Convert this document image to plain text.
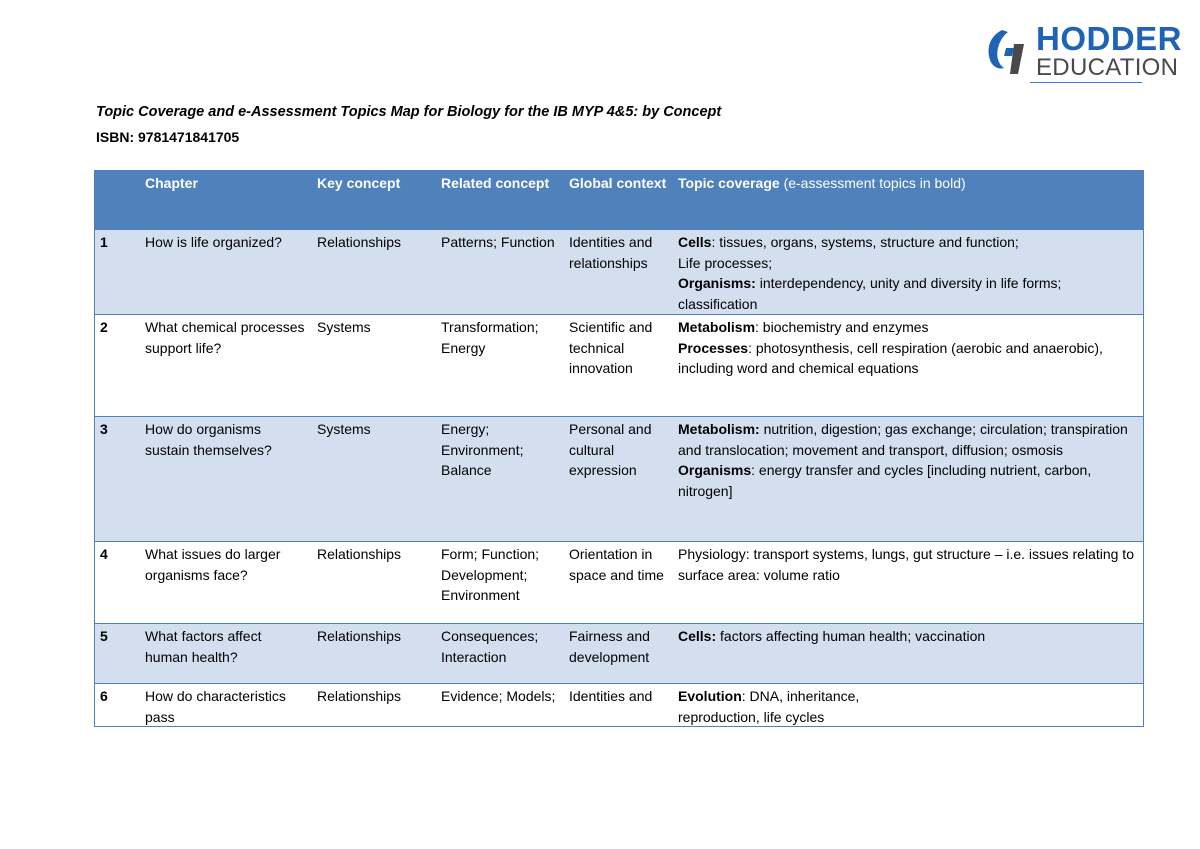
HODDER
EDUCATION
Topic Coverage and e-Assessment Topics Map for Biology for the IB MYP 4&5: by Concept
ISBN: 9781471841705
	Chapter	Key concept	Related concept	Global context	Topic coverage (e-assessment topics in bold)
1	How is life organized?	Relationships	Patterns; Function	Identities and relationships	Cells: tissues, organs, systems, structure and function;

Life processes;

Organisms: interdependency, unity and diversity in life forms; classification

2	What chemical processes support life?	Systems	Transformation; Energy	Scientific and technical innovation	Metabolism: biochemistry and enzymes

Processes: photosynthesis, cell respiration (aerobic and anaerobic), including word and chemical equations

3	How do organisms sustain themselves?	Systems	Energy; Environment; Balance	Personal and cultural expression	Metabolism: nutrition, digestion; gas exchange; circulation; transpiration and translocation; movement and transport, diffusion; osmosis

Organisms: energy transfer and cycles [including nutrient, carbon, nitrogen]

4	What issues do larger organisms face?	Relationships	Form; Function; Development; Environment	Orientation in space and time	Physiology: transport systems, lungs, gut structure – i.e. issues relating to surface area: volume ratio

5	What factors affect human health?	Relationships	Consequences; Interaction	Fairness and development	Cells: factors affecting human health; vaccination

6	How do characteristics pass	Relationships	Evidence; Models;	Identities and	Evolution: DNA, inheritance,

reproduction, life cycles
